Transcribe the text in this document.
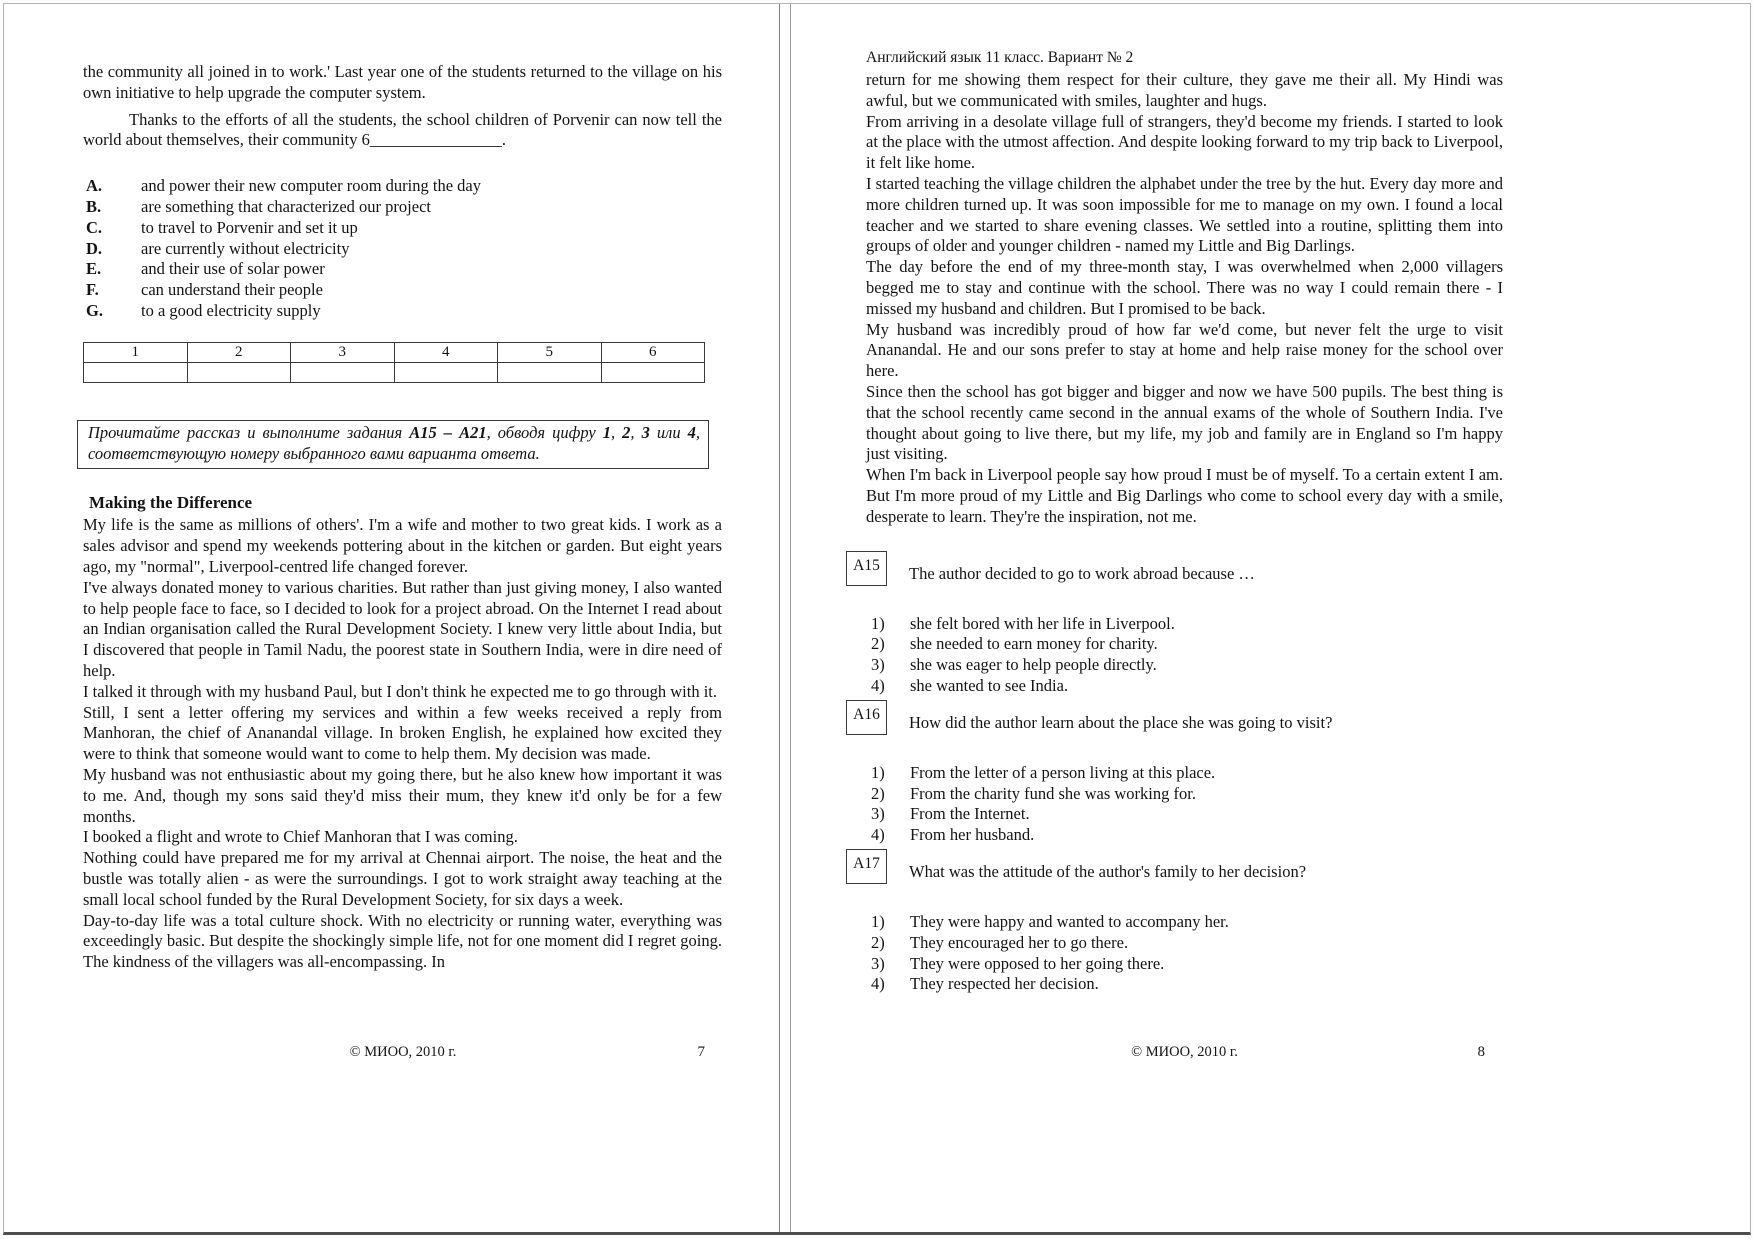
the community all joined in to work.' Last year one of the students returned to the village on his own initiative to help upgrade the computer system.

Thanks to the efforts of all the students, the school children of Porvenir can now tell the world about themselves, their community 6________________.

A.	and power their new computer room during the day
B.	are something that characterized our project
C.	to travel to Porvenir and set it up
D.	are currently without electricity
E.	and their use of solar power
F.	can understand their people
G.	to a good electricity supply
1	2	3	4	5	6

Прочитайте рассказ и выполните задания А15 – А21, обводя цифру 1, 2, 3 или 4, соответствующую номеру выбранного вами варианта ответа.
Making the Difference

My life is the same as millions of others'. I'm a wife and mother to two great kids. I work as a sales advisor and spend my weekends pottering about in the kitchen or garden. But eight years ago, my "normal", Liverpool-centred life changed forever.

I've always donated money to various charities. But rather than just giving money, I also wanted to help people face to face, so I decided to look for a project abroad. On the Internet I read about an Indian organisation called the Rural Development Society. I knew very little about India, but I discovered that people in Tamil Nadu, the poorest state in Southern India, were in dire need of help.

I talked it through with my husband Paul, but I don't think he expected me to go through with it.

Still, I sent a letter offering my services and within a few weeks received a reply from Manhoran, the chief of Ananandal village. In broken English, he explained how excited they were to think that someone would want to come to help them. My decision was made.

My husband was not enthusiastic about my going there, but he also knew how important it was to me. And, though my sons said they'd miss their mum, they knew it'd only be for a few months.

I booked a flight and wrote to Chief Manhoran that I was coming.

Nothing could have prepared me for my arrival at Chennai airport. The noise, the heat and the bustle was totally alien - as were the surroundings. I got to work straight away teaching at the small local school funded by the Rural Development Society, for six days a week.

Day-to-day life was a total culture shock. With no electricity or running water, everything was exceedingly basic. But despite the shockingly simple life, not for one moment did I regret going. The kindness of the villagers was all-encompassing. In

© МИОО, 2010 г.	7

Английский язык 11 класс. Вариант № 2

return for me showing them respect for their culture, they gave me their all. My Hindi was awful, but we communicated with smiles, laughter and hugs.

From arriving in a desolate village full of strangers, they'd become my friends. I started to look at the place with the utmost affection. And despite looking forward to my trip back to Liverpool, it felt like home.

I started teaching the village children the alphabet under the tree by the hut. Every day more and more children turned up. It was soon impossible for me to manage on my own. I found a local teacher and we started to share evening classes. We settled into a routine, splitting them into groups of older and younger children - named my Little and Big Darlings.

The day before the end of my three-month stay, I was overwhelmed when 2,000 villagers begged me to stay and continue with the school. There was no way I could remain there - I missed my husband and children. But I promised to be back.

My husband was incredibly proud of how far we'd come, but never felt the urge to visit Ananandal. He and our sons prefer to stay at home and help raise money for the school over here.

Since then the school has got bigger and bigger and now we have 500 pupils. The best thing is that the school recently came second in the annual exams of the whole of Southern India. I've thought about going to live there, but my life, my job and family are in England so I'm happy just visiting.

When I'm back in Liverpool people say how proud I must be of myself. To a certain extent I am. But I'm more proud of my Little and Big Darlings who come to school every day with a smile, desperate to learn. They're the inspiration, not me.

A15	The author decided to go to work abroad because …
1)	she felt bored with her life in Liverpool.
2)	she needed to earn money for charity.
3)	she was eager to help people directly.
4)	she wanted to see India.
A16	How did the author learn about the place she was going to visit?
1)	From the letter of a person living at this place.
2)	From the charity fund she was working for.
3)	From the Internet.
4)	From her husband.
A17	What was the attitude of the author's family to her decision?
1)	They were happy and wanted to accompany her.
2)	They encouraged her to go there.
3)	They were opposed to her going there.
4)	They respected her decision.
© МИОО, 2010 г.	8
